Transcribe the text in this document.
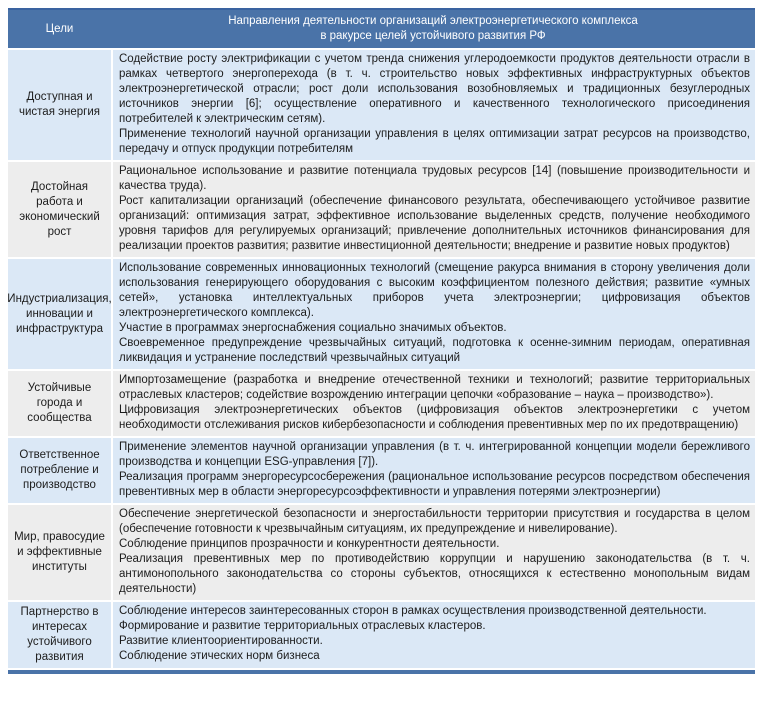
Цели
Направления деятельности организаций электроэнергетического комплекса
в ракурсе целей устойчивого развития РФ
Доступная и чистая энергия

Содействие росту электрификации с учетом тренда снижения углеродоемкости продуктов деятельности отрасли в рамках четвертого энергоперехода (в т. ч. строительство новых эффективных инфраструктурных объектов электроэнергетической отрасли; рост доли использования возобновляемых и традиционных безуглеродных источников энергии [6]; осуществление оперативного и качественного технологического присоединения потребителей к электрическим сетям).

Применение технологий научной организации управления в целях оптимизации затрат ресурсов на производство, передачу и отпуск продукции потребителям

Достойная работа и экономический рост

Рациональное использование и развитие потенциала трудовых ресурсов [14] (повышение производительности и качества труда).

Рост капитализации организаций (обеспечение финансового результата, обеспечивающего устойчивое развитие организаций: оптимизация затрат, эффективное использование выделенных средств, получение необходимого уровня тарифов для регулируемых организаций; привлечение дополнительных источников финансирования для реализации проектов развития; развитие инвестиционной деятельности; внедрение и развитие новых продуктов)

Индустриализация, инновации и инфраструктура

Использование современных инновационных технологий (смещение ракурса внимания в сторону увеличения доли использования генерирующего оборудования с высоким коэффициентом полезного действия; развитие «умных сетей», установка интеллектуальных приборов учета электроэнергии; цифровизация объектов электроэнергетического комплекса).

Участие в программах энергоснабжения социально значимых объектов.

Своевременное предупреждение чрезвычайных ситуаций, подготовка к осенне-зимним периодам, оперативная ликвидация и устранение последствий чрезвычайных ситуаций

Устойчивые города и сообщества

Импортозамещение (разработка и внедрение отечественной техники и технологий; развитие территориальных отраслевых кластеров; содействие возрождению интеграции цепочки «образование – наука – производство»).

Цифровизация электроэнергетических объектов (цифровизация объектов электроэнергетики с учетом необходимости отслеживания рисков кибербезопасности и соблюдения превентивных мер по их предотвращению)

Ответственное потребление и производство

Применение элементов научной организации управления (в т. ч. интегрированной концепции модели бережливого производства и концепции ESG-управления [7]).

Реализация программ энергоресурсосбережения (рациональное использование ресурсов посредством обеспечения превентивных мер в области энергоресурсоэффективности и управления потерями электроэнергии)

Мир, правосудие и эффективные институты

Обеспечение энергетической безопасности и энергостабильности территории присутствия и государства в целом (обеспечение готовности к чрезвычайным ситуациям, их предупреждение и нивелирование).

Соблюдение принципов прозрачности и конкурентности деятельности.

Реализация превентивных мер по противодействию коррупции и нарушению законодательства (в т. ч. антимонопольного законодательства со стороны субъектов, относящихся к естественно монопольным видам деятельности)

Партнерство в интересах устойчивого развития

Соблюдение интересов заинтересованных сторон в рамках осуществления производственной деятельности.

Формирование и развитие территориальных отраслевых кластеров.

Развитие клиентоориентированности.

Соблюдение этических норм бизнеса
